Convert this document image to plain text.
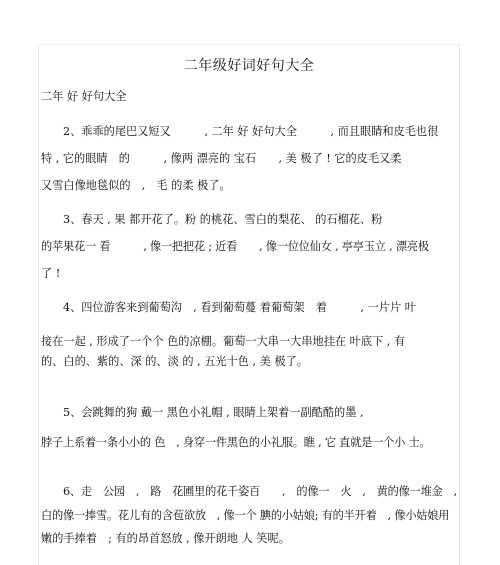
二年级好词好句大全
二年 好 好句大全
2、乖乖的尾巴又短又　　　, 二年 好 好句大全　　　, 而且眼睛和皮毛也很
特 , 它的眼睛　的　　　, 像两 漂亮的 宝石　　, 美 极了 ! 它的皮毛又柔
又雪白像地毯似的　,　毛 的柔 极了。
3、春天 , 果 都开花了。粉 的桃花、雪白的梨花、 的石榴花、粉
的苹果花一 看　　　, 像一把把花 ; 近看　　, 像一位位仙女 , 亭亭玉立 , 漂亮极
了 !
4、四位游客来到葡萄沟　, 看到葡萄蔓 着葡萄架　着　　　, 一片片 叶
接在一起 , 形成了一个个 色的凉棚。葡萄一大串一大串地挂在 叶底下 , 有
的、白的、紫的、深 的、淡 的 , 五光十色 , 美 极了。
5、会跳舞的狗 戴一 黑色小礼帽 , 眼睛上架着一副酷酷的墨 ,
脖子上系着一条小小的 色　, 身穿一件黑色的小礼服。瞧 , 它 直就是一个小 士。
6、走　公园　,　路　花圃里的花千姿百　　,　的像一　火　,　黄的像一堆金　,
白的像一捧雪。花儿有的含苞欲放　, 像一个 腆的小姑娘; 有的半开着　, 像小姑娘用
嫩的手捧着　; 有的昂首怒放 , 像开朗地 人 笑呢。
